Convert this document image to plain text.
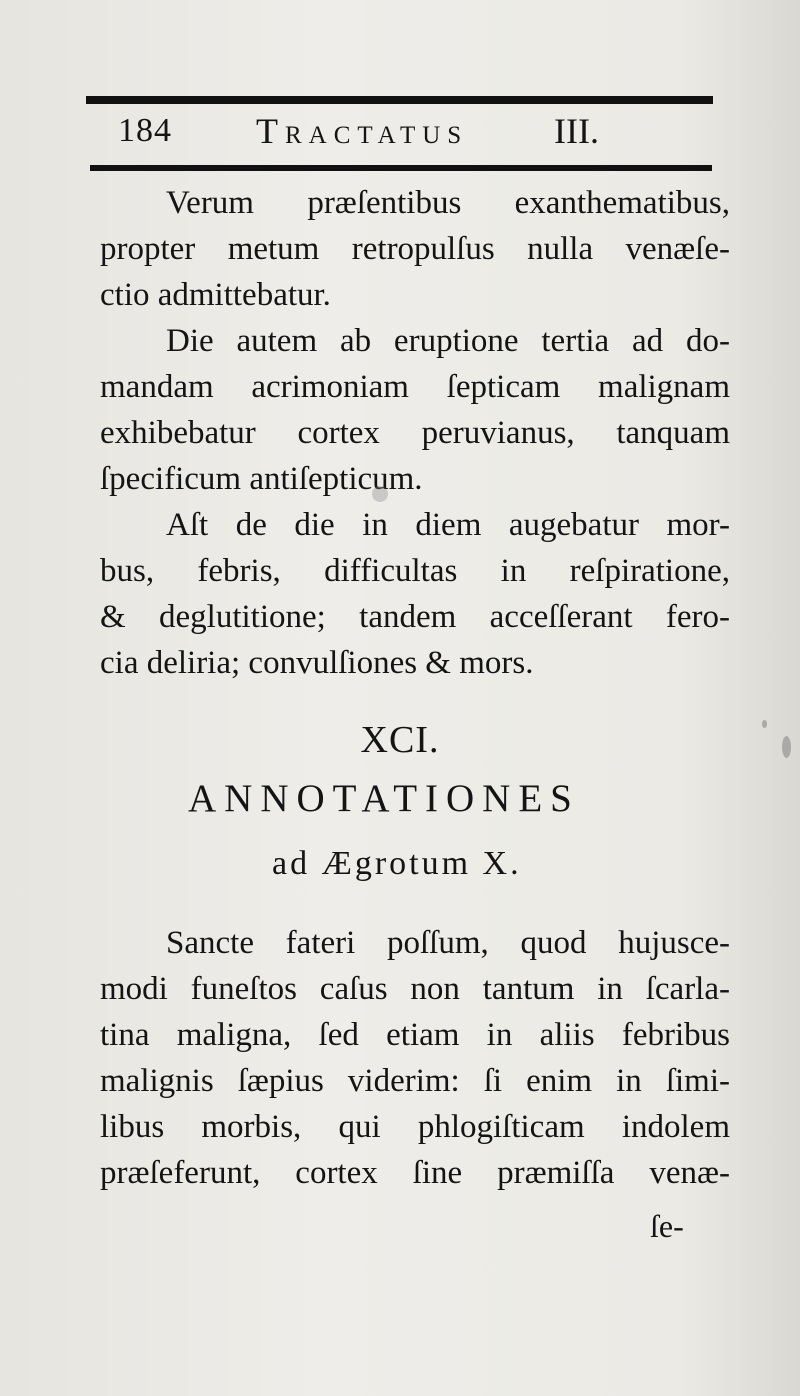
184 Tractatus III.
Verum præſentibus exanthematibus,
propter metum retropulſus nulla venæſe-
ctio admittebatur.
Die autem ab eruptione tertia ad do-
mandam acrimoniam ſepticam malignam
exhibebatur cortex peruvianus, tanquam
ſpecificum antiſepticum.
Aſt de die in diem augebatur mor-
bus, febris, difficultas in reſpiratione,
& deglutitione; tandem acceſſerant fero-
cia deliria; convulſiones & mors.
XCI.
ANNOTATIONES
ad Ægrotum X.
Sancte fateri poſſum, quod hujusce-
modi funeſtos caſus non tantum in ſcarla-
tina maligna, ſed etiam in aliis febribus
malignis ſæpius viderim: ſi enim in ſimi-
libus morbis, qui phlogiſticam indolem
præſeferunt, cortex ſine præmiſſa venæ-
ſe-
